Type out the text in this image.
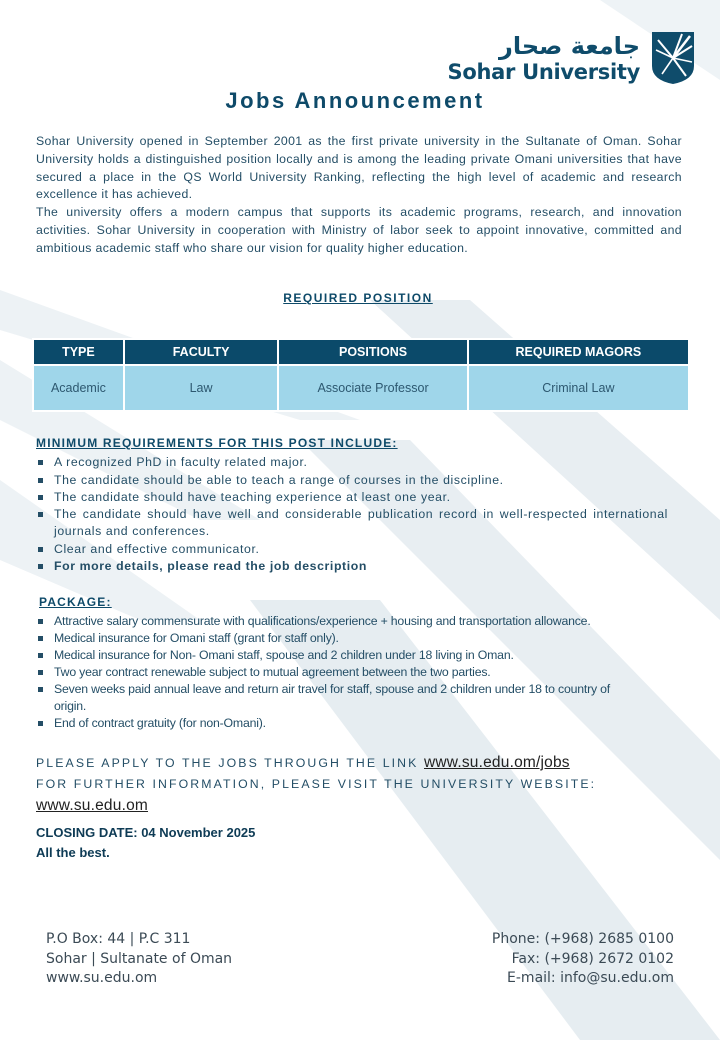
جامعة صحار
Sohar University
Jobs Announcement

Sohar University opened in September 2001 as the first private university in the Sultanate of Oman. Sohar University holds a distinguished position locally and is among the leading private Omani universities that have secured a place in the QS World University Ranking, reflecting the high level of academic and research excellence it has achieved.

The university offers a modern campus that supports its academic programs, research, and innovation activities. Sohar University in cooperation with Ministry of labor seek to appoint innovative, committed and ambitious academic staff who share our vision for quality higher education.

REQUIRED POSITION
TYPE	FACULTY	POSITIONS	REQUIRED MAGORS
Academic	Law	Associate Professor	Criminal Law
MINIMUM REQUIREMENTS FOR THIS POST INCLUDE:
A recognized PhD in faculty related major.
The candidate should be able to teach a range of courses in the discipline.
The candidate should have teaching experience at least one year.
The candidate should have well and considerable publication record in well-respected international journals and conferences.
Clear and effective communicator.
For more details, please read the job description
PACKAGE:
Attractive salary commensurate with qualifications/experience + housing and transportation allowance.
Medical insurance for Omani staff (grant for staff only).
Medical insurance for Non- Omani staff, spouse and 2 children under 18 living in Oman.
Two year contract renewable subject to mutual agreement between the two parties.
Seven weeks paid annual leave and return air travel for staff, spouse and 2 children under 18 to country of origin.
End of contract gratuity (for non-Omani).
PLEASE APPLY TO THE JOBS THROUGH THE LINK www.su.edu.om/jobs
FOR FURTHER INFORMATION, PLEASE VISIT THE UNIVERSITY WEBSITE:
www.su.edu.om
CLOSING DATE: 04 November 2025
All the best.
P.O Box: 44 | P.C 311
Sohar | Sultanate of Oman
www.su.edu.om
Phone: (+968) 2685 0100
Fax: (+968) 2672 0102
E-mail: info@su.edu.om
